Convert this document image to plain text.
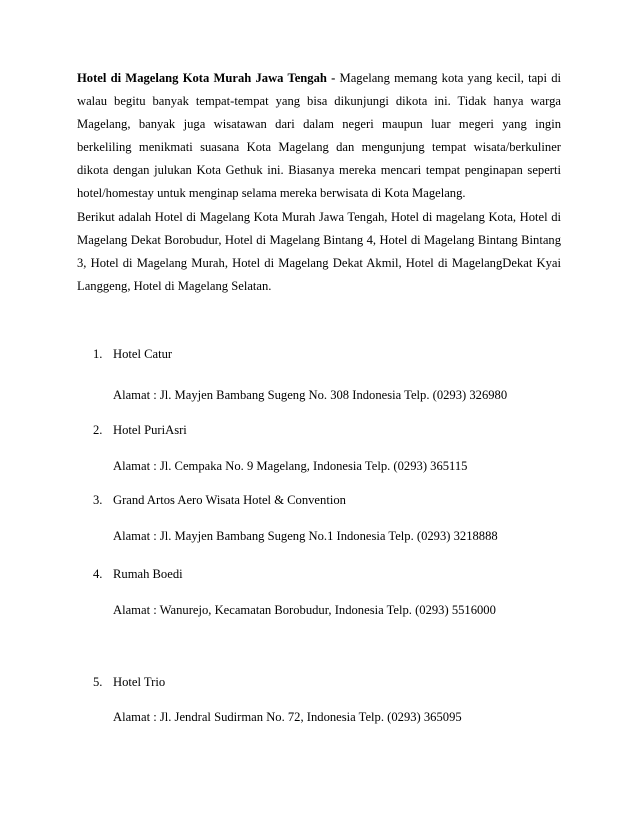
Hotel di Magelang Kota Murah Jawa Tengah - Magelang memang kota yang kecil, tapi di walau begitu banyak tempat-tempat yang bisa dikunjungi dikota ini. Tidak hanya warga Magelang, banyak juga wisatawan dari dalam negeri maupun luar megeri yang ingin berkeliling menikmati suasana Kota Magelang dan mengunjung tempat wisata/berkuliner dikota dengan julukan Kota Gethuk ini. Biasanya mereka mencari tempat penginapan seperti hotel/homestay untuk menginap selama mereka berwisata di Kota Magelang.

Berikut adalah Hotel di Magelang Kota Murah Jawa Tengah, Hotel di magelang Kota, Hotel di Magelang Dekat Borobudur, Hotel di Magelang Bintang 4, Hotel di Magelang Bintang Bintang 3, Hotel di Magelang Murah, Hotel di Magelang Dekat Akmil, Hotel di MagelangDekat Kyai Langgeng, Hotel di Magelang Selatan.

1. Hotel Catur
Alamat : Jl. Mayjen Bambang Sugeng No. 308 Indonesia Telp. (0293) 326980
2. Hotel PuriAsri
Alamat : Jl. Cempaka No. 9 Magelang, Indonesia Telp. (0293) 365115
3. Grand Artos Aero Wisata Hotel & Convention
Alamat : Jl. Mayjen Bambang Sugeng No.1 Indonesia Telp. (0293) 3218888
4. Rumah Boedi
Alamat : Wanurejo, Kecamatan Borobudur, Indonesia Telp. (0293) 5516000
5. Hotel Trio
Alamat : Jl. Jendral Sudirman No. 72, Indonesia Telp. (0293) 365095
